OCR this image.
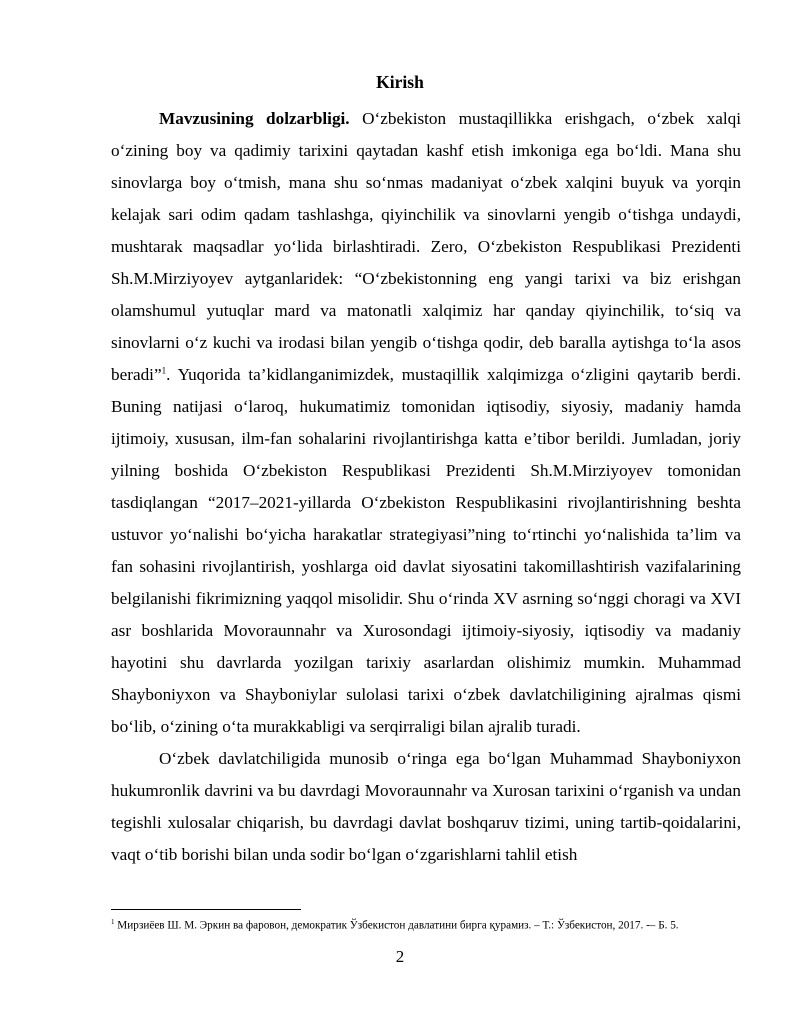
Kirish

Mavzusining dolzarbligi. O‘zbekiston mustaqillikka erishgach, o‘zbek xalqi o‘zining boy va qadimiy tarixini qaytadan kashf etish imkoniga ega bo‘ldi. Mana shu sinovlarga boy o‘tmish, mana shu so‘nmas madaniyat o‘zbek xalqini buyuk va yorqin kelajak sari odim qadam tashlashga, qiyinchilik va sinovlarni yengib o‘tishga undaydi, mushtarak maqsadlar yo‘lida birlashtiradi. Zero, O‘zbekiston Respublikasi Prezidenti Sh.M.Mirziyoyev aytganlaridek: “O‘zbekistonning eng yangi tarixi va biz erishgan olamshumul yutuqlar mard va matonatli xalqimiz har qanday qiyinchilik, to‘siq va sinovlarni o‘z kuchi va irodasi bilan yengib o‘tishga qodir, deb baralla aytishga to‘la asos beradi”$^1$. Yuqorida ta’kidlanganimizdek, mustaqillik xalqimizga o‘zligini qaytarib berdi. Buning natijasi o‘laroq, hukumatimiz tomonidan iqtisodiy, siyosiy, madaniy hamda ijtimoiy, xususan, ilm-fan sohalarini rivojlantirishga katta e’tibor berildi. Jumladan, joriy yilning boshida O‘zbekiston Respublikasi Prezidenti Sh.M.Mirziyoyev tomonidan tasdiqlangan “2017–2021-yillarda O‘zbekiston Respublikasini rivojlantirishning beshta ustuvor yo‘nalishi bo‘yicha harakatlar strategiyasi”ning to‘rtinchi yo‘nalishida ta’lim va fan sohasini rivojlantirish, yoshlarga oid davlat siyosatini takomillashtirish vazifalarining belgilanishi fikrimizning yaqqol misolidir. Shu o‘rinda XV asrning so‘nggi choragi va XVI asr boshlarida Movoraunnahr va Xurosondagi ijtimoiy-siyosiy, iqtisodiy va madaniy hayotini shu davrlarda yozilgan tarixiy asarlardan olishimiz mumkin. Muhammad Shayboniyxon va Shayboniylar sulolasi tarixi o‘zbek davlatchiligining ajralmas qismi bo‘lib, o‘zining o‘ta murakkabligi va serqirraligi bilan ajralib turadi.

O‘zbek davlatchiligida munosib o‘ringa ega bo‘lgan Muhammad Shayboniyxon hukumronlik davrini va bu davrdagi Movoraunnahr va Xurosan tarixini o‘rganish va undan tegishli xulosalar chiqarish, bu davrdagi davlat boshqaruv tizimi, uning tartib-qoidalarini, vaqt o‘tib borishi bilan unda sodir bo‘lgan o‘zgarishlarni tahlil etish

$^1$ Мирзиёев Ш. М. Эркин ва фаровон, демократик Ўзбекистон давлатини биргa қурамиз. – Т.: Ўзбекистон, 2017. -– Б. 5.

2
